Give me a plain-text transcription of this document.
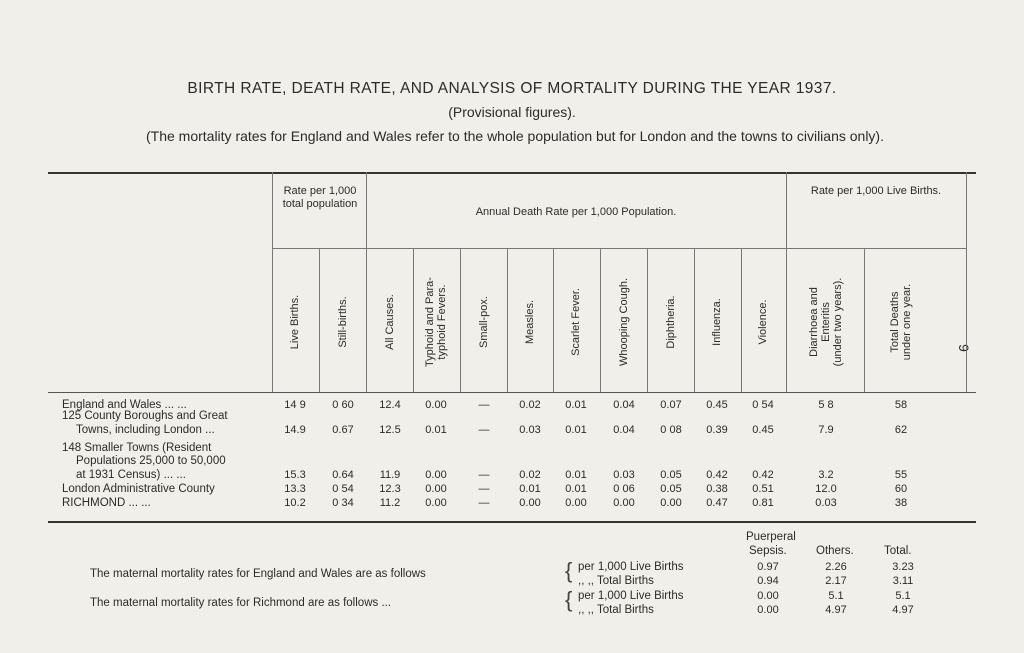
BIRTH RATE, DEATH RATE, AND ANALYSIS OF MORTALITY DURING THE YEAR 1937.
(Provisional figures).
(The mortality rates for England and Wales refer to the whole population but for London and the towns to civilians only).
9
Rate per 1,000 total population
Annual Death Rate per 1,000 Population.
Rate per 1,000 Live Births.
Live Births.	Still-births.	All Causes.	Typhoid and Para- typhoid Fevers.	Small-pox.	Measles.	Scarlet Fever.	Whooping Cough.	Diphtheria.	Influenza.	Violence.	Diarrhoea and Enteritis (under two years).	Total Deaths under one year.
England and Wales ... ...	14 9	0 60	12.4	0.00	—	0.02	0.01	0.04	0.07	0.45	0 54	5 8	58
125 County Boroughs and Great
Towns, including London ...	14.9	0.67	12.5	0.01	—	0.03	0.01	0.04	0 08	0.39	0.45	7.9	62
148 Smaller Towns (Resident
Populations 25,000 to 50,000
at 1931 Census) ... ...	15.3	0.64	11.9	0.00	—	0.02	0.01	0.03	0.05	0.42	0.42	3.2	55
London Administrative County	13.3	0 54	12.3	0.00	—	0.01	0.01	0 06	0.05	0.38	0.51	12.0	60
RICHMOND ... ...	10.2	0 34	11.2	0.00	—	0.00	0.00	0.00	0.00	0.47	0.81	0.03	38
Puerperal
Sepsis.	Others.	Total.
The maternal mortality rates for England and Wales are as follows
The maternal mortality rates for Richmond are as follows ...
{
{
per 1,000 Live Births	0.97	2.26	3.23
,, ,, Total Births	0.94	2.17	3.11
per 1,000 Live Births	0.00	5.1	5.1
,, ,, Total Births	0.00	4.97	4.97
